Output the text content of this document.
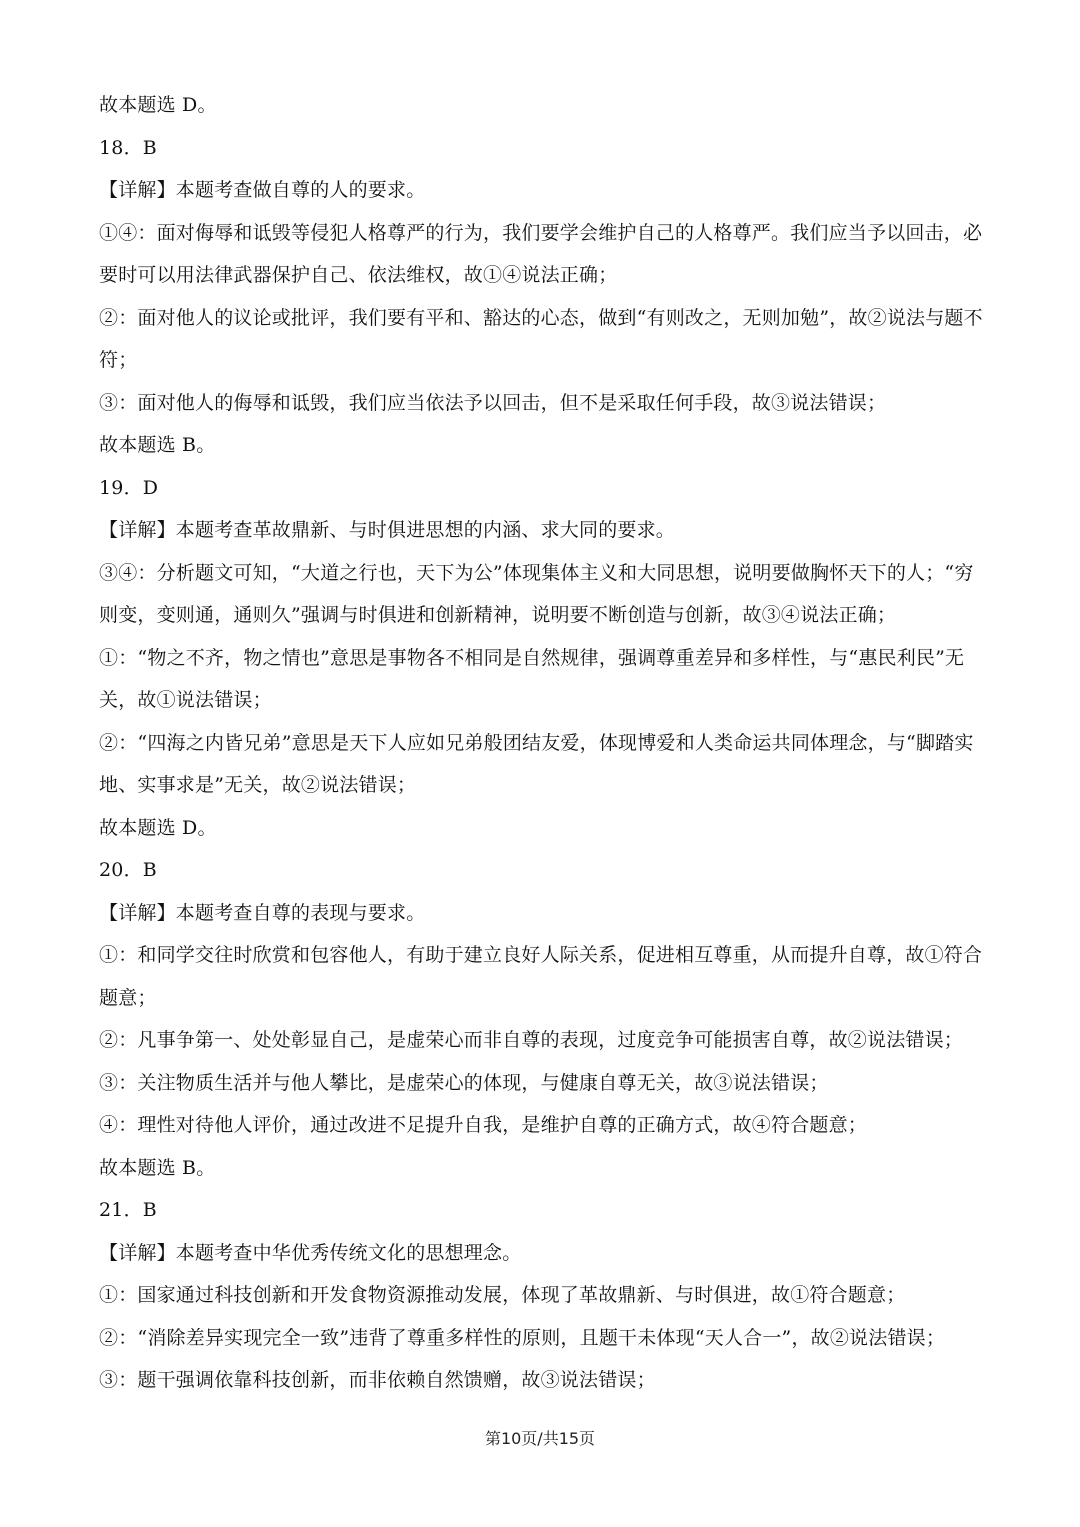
故本题选 D。
18．B
【详解】本题考查做自尊的人的要求。
①④：面对侮辱和诋毁等侵犯人格尊严的行为，我们要学会维护自己的人格尊严。我们应当予以回击，必
要时可以用法律武器保护自己、依法维权，故①④说法正确；
②：面对他人的议论或批评，我们要有平和、豁达的心态，做到“有则改之，无则加勉”，故②说法与题不
符；
③：面对他人的侮辱和诋毁，我们应当依法予以回击，但不是采取任何手段，故③说法错误；
故本题选 B。
19．D
【详解】本题考查革故鼎新、与时俱进思想的内涵、求大同的要求。
③④：分析题文可知，“大道之行也，天下为公”体现集体主义和大同思想，说明要做胸怀天下的人；“穷
则变，变则通，通则久”强调与时俱进和创新精神，说明要不断创造与创新，故③④说法正确；
①：“物之不齐，物之情也”意思是事物各不相同是自然规律，强调尊重差异和多样性，与“惠民利民”无
关，故①说法错误；
②：“四海之内皆兄弟”意思是天下人应如兄弟般团结友爱，体现博爱和人类命运共同体理念，与“脚踏实
地、实事求是”无关，故②说法错误；
故本题选 D。
20．B
【详解】本题考查自尊的表现与要求。
①：和同学交往时欣赏和包容他人，有助于建立良好人际关系，促进相互尊重，从而提升自尊，故①符合
题意；
②：凡事争第一、处处彰显自己，是虚荣心而非自尊的表现，过度竞争可能损害自尊，故②说法错误；
③：关注物质生活并与他人攀比，是虚荣心的体现，与健康自尊无关，故③说法错误；
④：理性对待他人评价，通过改进不足提升自我，是维护自尊的正确方式，故④符合题意；
故本题选 B。
21．B
【详解】本题考查中华优秀传统文化的思想理念。
①：国家通过科技创新和开发食物资源推动发展，体现了革故鼎新、与时俱进，故①符合题意；
②：“消除差异实现完全一致”违背了尊重多样性的原则，且题干未体现“天人合一”，故②说法错误；
③：题干强调依靠科技创新，而非依赖自然馈赠，故③说法错误；
第10页/共15页
